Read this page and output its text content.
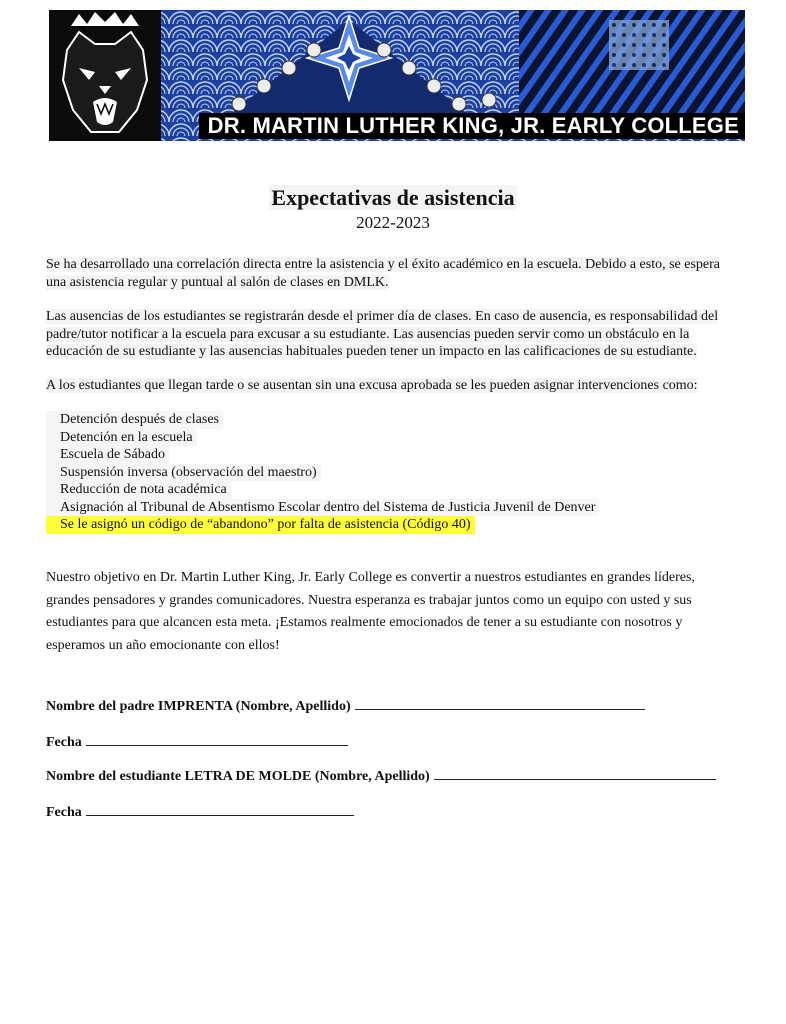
DR. MARTIN LUTHER KING, JR. EARLY COLLEGE
Expectativas de asistencia
2022-2023
Se ha desarrollado una correlación directa entre la asistencia y el éxito académico en la escuela. Debido a esto, se espera una asistencia regular y puntual al salón de clases en DMLK.
Las ausencias de los estudiantes se registrarán desde el primer día de clases. En caso de ausencia, es responsabilidad del padre/tutor notificar a la escuela para excusar a su estudiante. Las ausencias pueden servir como un obstáculo en la educación de su estudiante y las ausencias habituales pueden tener un impacto en las calificaciones de su estudiante.
A los estudiantes que llegan tarde o se ausentan sin una excusa aprobada se les pueden asignar intervenciones como:
Detención después de clases
Detención en la escuela
Escuela de Sábado
Suspensión inversa (observación del maestro)
Reducción de nota académica
Asignación al Tribunal de Absentismo Escolar dentro del Sistema de Justicia Juvenil de Denver
Se le asignó un código de “abandono” por falta de asistencia (Código 40)
Nuestro objetivo en Dr. Martin Luther King, Jr. Early College es convertir a nuestros estudiantes en grandes líderes, grandes pensadores y grandes comunicadores. Nuestra esperanza es trabajar juntos como un equipo con usted y sus estudiantes para que alcancen esta meta. ¡Estamos realmente emocionados de tener a su estudiante con nosotros y esperamos un año emocionante con ellos!
Nombre del padre IMPRENTA (Nombre, Apellido)
Fecha
Nombre del estudiante LETRA DE MOLDE (Nombre, Apellido)
Fecha
